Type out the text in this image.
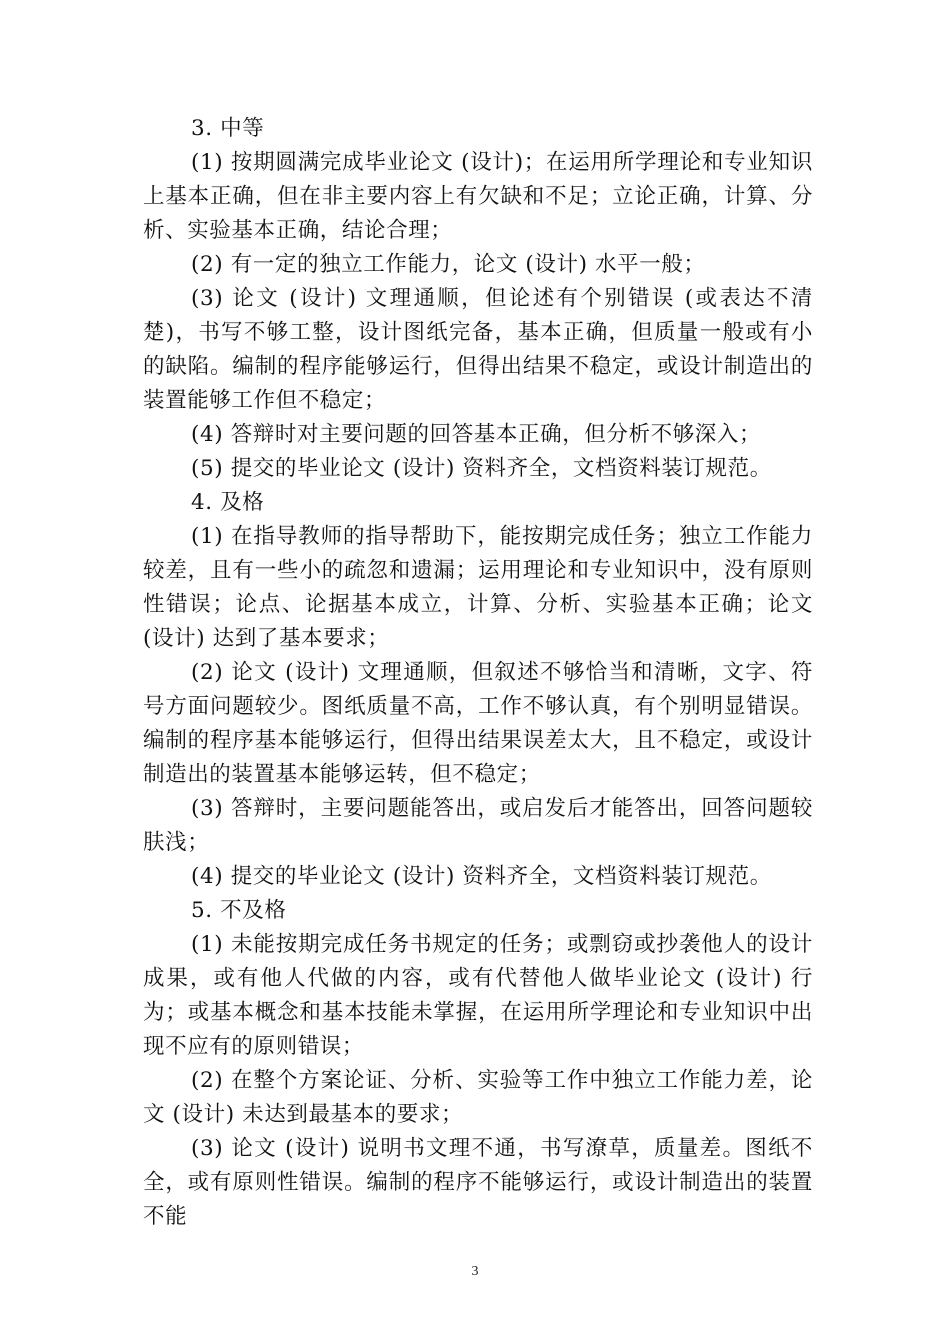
3. 中等

(1) 按期圆满完成毕业论文 (设计)；在运用所学理论和专业知识上基本正确，但在非主要内容上有欠缺和不足；立论正确，计算、分析、实验基本正确，结论合理；

(2) 有一定的独立工作能力，论文 (设计) 水平一般；

(3) 论文 (设计) 文理通顺，但论述有个别错误 (或表达不清楚)，书写不够工整，设计图纸完备，基本正确，但质量一般或有小的缺陷。编制的程序能够运行，但得出结果不稳定，或设计制造出的装置能够工作但不稳定；

(4) 答辩时对主要问题的回答基本正确，但分析不够深入；

(5) 提交的毕业论文 (设计) 资料齐全，文档资料装订规范。

4. 及格

(1) 在指导教师的指导帮助下，能按期完成任务；独立工作能力较差，且有一些小的疏忽和遗漏；运用理论和专业知识中，没有原则性错误；论点、论据基本成立，计算、分析、实验基本正确；论文 (设计) 达到了基本要求；

(2) 论文 (设计) 文理通顺，但叙述不够恰当和清晰，文字、符号方面问题较少。图纸质量不高，工作不够认真，有个别明显错误。编制的程序基本能够运行，但得出结果误差太大，且不稳定，或设计制造出的装置基本能够运转，但不稳定；

(3) 答辩时，主要问题能答出，或启发后才能答出，回答问题较肤浅；

(4) 提交的毕业论文 (设计) 资料齐全，文档资料装订规范。

5. 不及格

(1) 未能按期完成任务书规定的任务；或剽窃或抄袭他人的设计成果，或有他人代做的内容，或有代替他人做毕业论文 (设计) 行为；或基本概念和基本技能未掌握，在运用所学理论和专业知识中出现不应有的原则错误；

(2) 在整个方案论证、分析、实验等工作中独立工作能力差，论文 (设计) 未达到最基本的要求；

(3) 论文 (设计) 说明书文理不通，书写潦草，质量差。图纸不全，或有原则性错误。编制的程序不能够运行，或设计制造出的装置不能

3
